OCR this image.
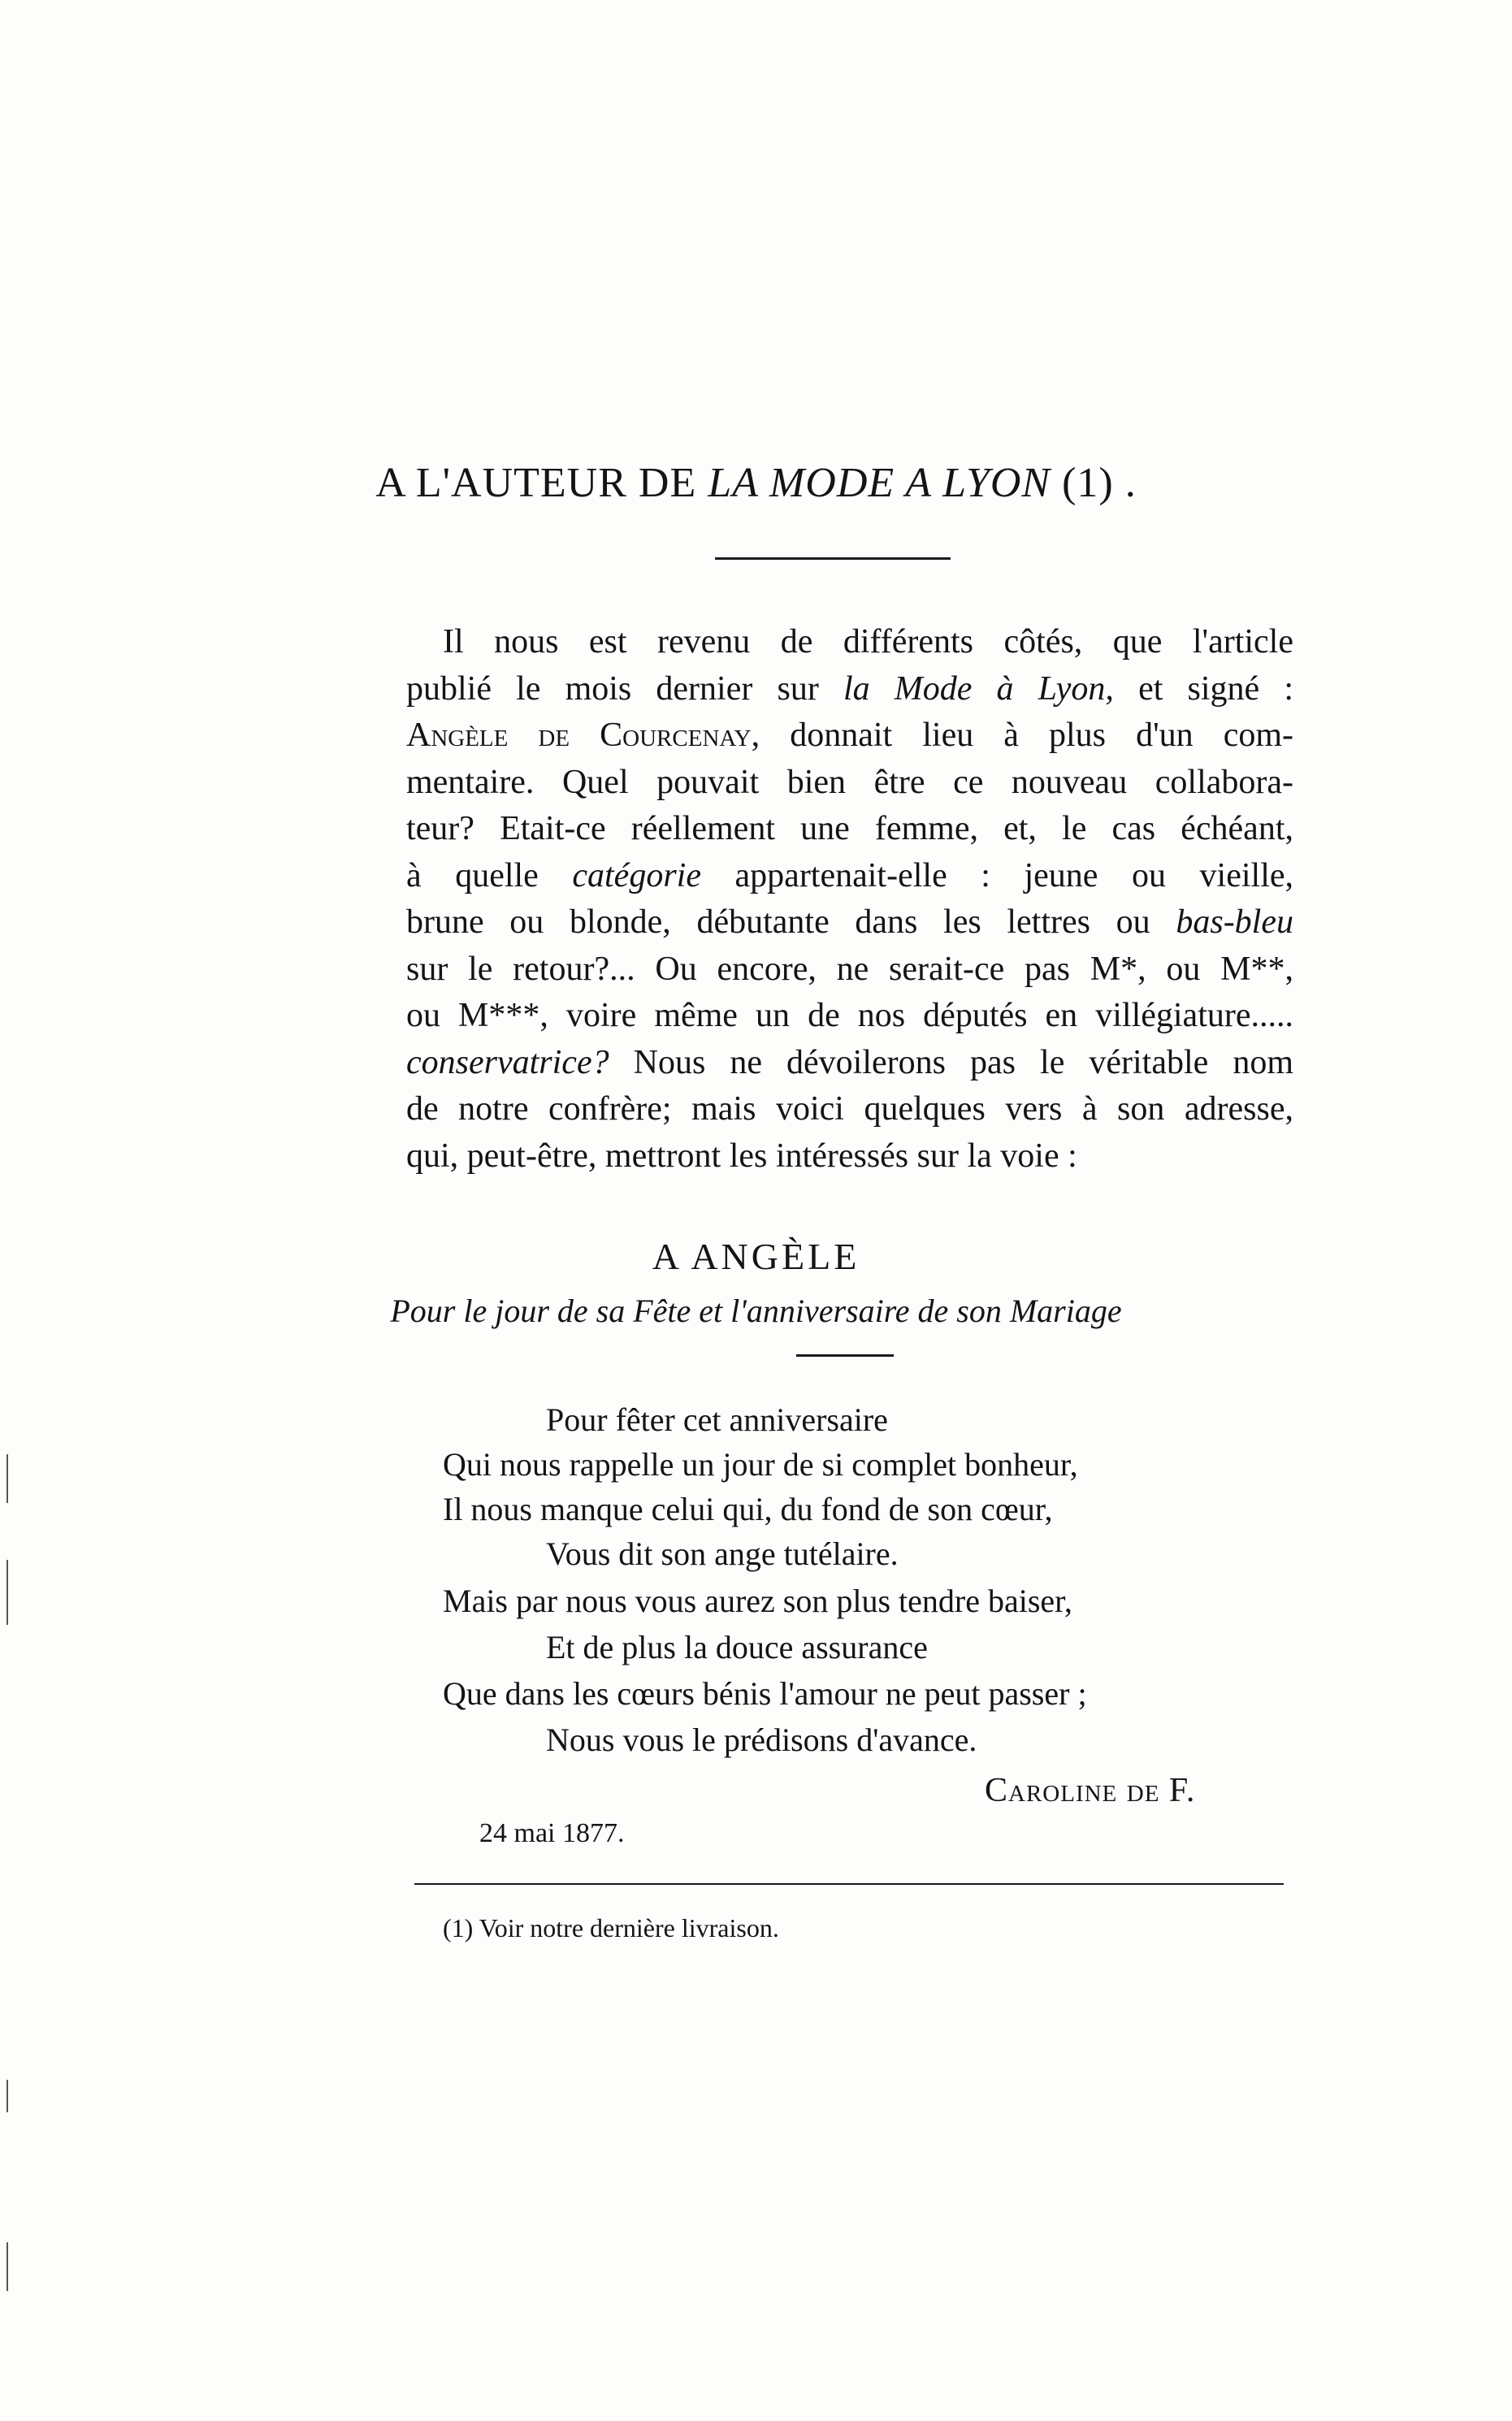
A L'AUTEUR DE LA MODE A LYON (1) .
Il nous est revenu de différents côtés, que l'article
publié le mois dernier sur la Mode à Lyon, et signé :
Angèle de Courcenay, donnait lieu à plus d'un com-
mentaire. Quel pouvait bien être ce nouveau collabora-
teur? Etait-ce réellement une femme, et, le cas échéant,
à quelle catégorie appartenait-elle : jeune ou vieille,
brune ou blonde, débutante dans les lettres ou bas-bleu
sur le retour?... Ou encore, ne serait-ce pas M*, ou M**,
ou M***, voire même un de nos députés en villégiature.....
conservatrice? Nous ne dévoilerons pas le véritable nom
de notre confrère; mais voici quelques vers à son adresse,
qui, peut-être, mettront les intéressés sur la voie :
A ANGÈLE
Pour le jour de sa Fête et l'anniversaire de son Mariage
Pour fêter cet anniversaire
Qui nous rappelle un jour de si complet bonheur,
Il nous manque celui qui, du fond de son cœur,
Vous dit son ange tutélaire.
Mais par nous vous aurez son plus tendre baiser,
Et de plus la douce assurance
Que dans les cœurs bénis l'amour ne peut passer ;
Nous vous le prédisons d'avance.
Caroline de F.
24 mai 1877.
(1) Voir notre dernière livraison.
